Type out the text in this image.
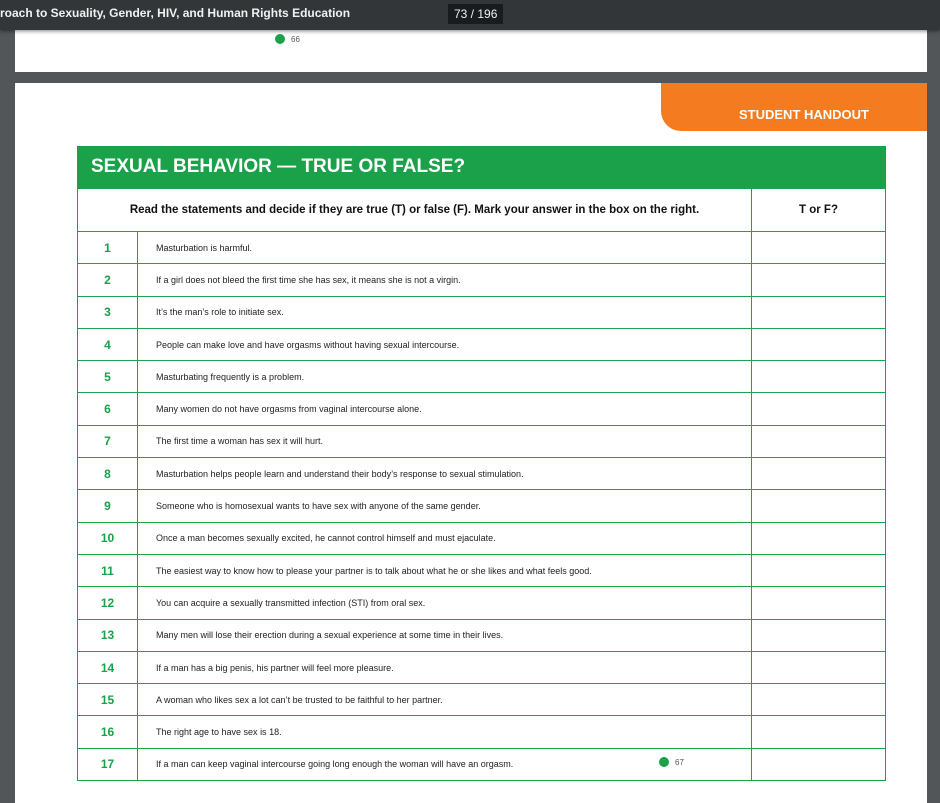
roach to Sexuality, Gender, HIV, and Human Rights Education	73 / 196
66
STUDENT HANDOUT
SEXUAL BEHAVIOR — TRUE OR FALSE?
Read the statements and decide if they are true (T) or false (F). Mark your answer in the box on the right.		T or F?
1	Masturbation is harmful.	
2	If a girl does not bleed the first time she has sex, it means she is not a virgin.	
3	It’s the man’s role to initiate sex.	
4	People can make love and have orgasms without having sexual intercourse.	
5	Masturbating frequently is a problem.	
6	Many women do not have orgasms from vaginal intercourse alone.	
7	The first time a woman has sex it will hurt.	
8	Masturbation helps people learn and understand their body’s response to sexual stimulation.	
9	Someone who is homosexual wants to have sex with anyone of the same gender.	
10	Once a man becomes sexually excited, he cannot control himself and must ejaculate.	
11	The easiest way to know how to please your partner is to talk about what he or she likes and what feels good.	
12	You can acquire a sexually transmitted infection (STI) from oral sex.	
13	Many men will lose their erection during a sexual experience at some time in their lives.	
14	If a man has a big penis, his partner will feel more pleasure.	
15	A woman who likes sex a lot can’t be trusted to be faithful to her partner.	
16	The right age to have sex is 18.	
17	If a man can keep vaginal intercourse going long enough the woman will have an orgasm.		67
